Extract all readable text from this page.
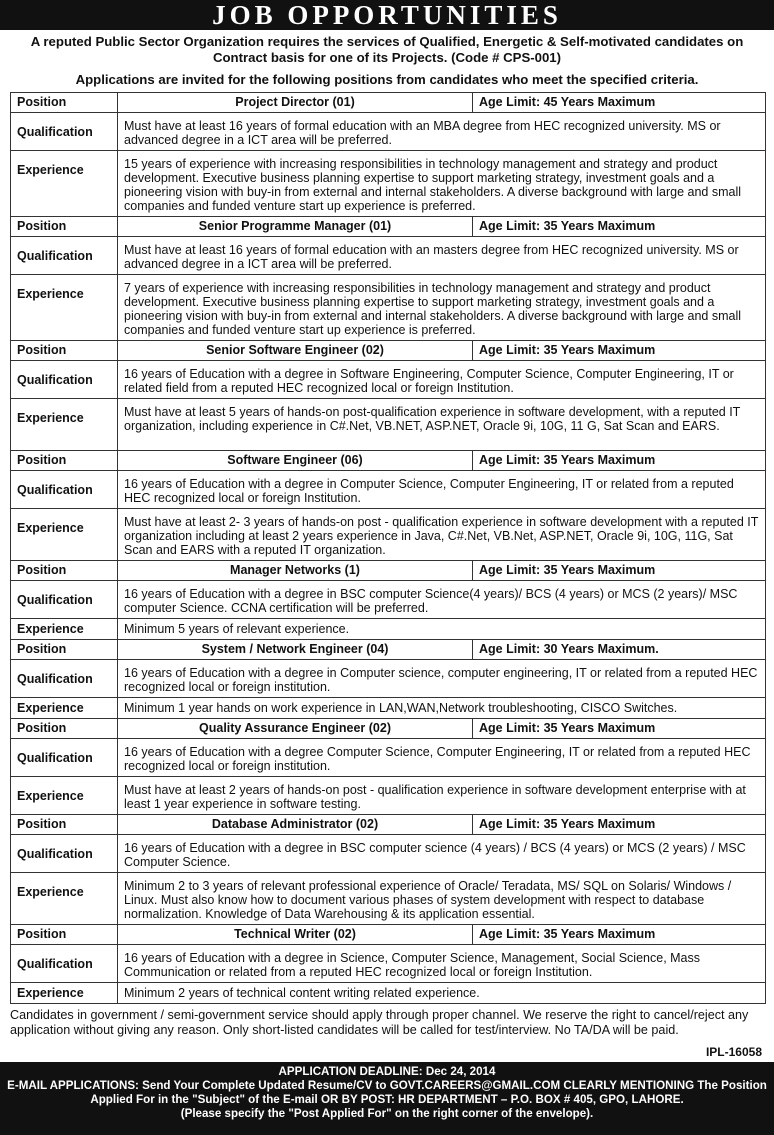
JOB OPPORTUNITIES
A reputed Public Sector Organization requires the services of Qualified, Energetic & Self-motivated candidates on Contract basis for one of its Projects. (Code # CPS-001)
Applications are invited for the following positions from candidates who meet the specified criteria.
Position	Project Director (01)	Age Limit: 45 Years Maximum
Qualification	Must have at least 16 years of formal education with an MBA degree from HEC recognized university. MS or advanced degree in a ICT area will be preferred.	
Experience	15 years of experience with increasing responsibilities in technology management and strategy and product development. Executive business planning expertise to support marketing strategy, investment goals and a pioneering vision with buy-in from external and internal stakeholders. A diverse background with large and small companies and funded venture start up experience is preferred.	
Position	Senior Programme Manager (01)	Age Limit: 35 Years Maximum
Qualification	Must have at least 16 years of formal education with an masters degree from HEC recognized university. MS or advanced degree in a ICT area will be preferred.	
Experience	7 years of experience with increasing responsibilities in technology management and strategy and product development. Executive business planning expertise to support marketing strategy, investment goals and a pioneering vision with buy-in from external and internal stakeholders. A diverse background with large and small companies and funded venture start up experience is preferred.	
Position	Senior Software Engineer (02)	Age Limit: 35 Years Maximum
Qualification	16 years of Education with a degree in Software Engineering, Computer Science, Computer Engineering, IT or related field from a reputed HEC recognized local or foreign Institution.	
Experience	Must have at least 5 years of hands-on post-qualification experience in software development, with a reputed IT organization, including experience in C#.Net, VB.NET, ASP.NET, Oracle 9i, 10G, 11 G, Sat Scan and EARS.	
Position	Software Engineer (06)	Age Limit: 35 Years Maximum
Qualification	16 years of Education with a degree in Computer Science, Computer Engineering, IT or related from a reputed HEC recognized local or foreign Institution.	
Experience	Must have at least 2- 3 years of hands-on post - qualification experience in software development with a reputed IT organization including at least 2 years experience in Java, C#.Net, VB.Net, ASP.NET, Oracle 9i, 10G, 11G, Sat Scan and EARS with a reputed IT organization.	
Position	Manager Networks (1)	Age Limit: 35 Years Maximum
Qualification	16 years of Education with a degree in BSC computer Science(4 years)/ BCS (4 years) or MCS (2 years)/ MSC computer Science. CCNA certification will be preferred.	
Experience	Minimum 5 years of relevant experience.	
Position	System / Network Engineer (04)	Age Limit: 30 Years Maximum.
Qualification	16 years of Education with a degree in Computer science, computer engineering, IT or related from a reputed HEC recognized local or foreign institution.	
Experience	Minimum 1 year hands on work experience in LAN,WAN,Network troubleshooting, CISCO Switches.	
Position	Quality Assurance Engineer (02)	Age Limit: 35 Years Maximum
Qualification	16 years of Education with a degree Computer Science, Computer Engineering, IT or related from a reputed HEC recognized local or foreign institution.	
Experience	Must have at least 2 years of hands-on post - qualification experience in software development enterprise with at least 1 year experience in software testing.	
Position	Database Administrator (02)	Age Limit: 35 Years Maximum
Qualification	16 years of Education with a degree in BSC computer science (4 years) / BCS (4 years) or MCS (2 years) / MSC Computer Science.	
Experience	Minimum 2 to 3 years of relevant professional experience of Oracle/ Teradata, MS/ SQL on Solaris/ Windows / Linux. Must also know how to document various phases of system development with respect to database normalization. Knowledge of Data Warehousing & its application essential.	
Position	Technical Writer (02)	Age Limit: 35 Years Maximum
Qualification	16 years of Education with a degree in Science, Computer Science, Management, Social Science, Mass Communication or related from a reputed HEC recognized local or foreign Institution.	
Experience	Minimum 2 years of technical content writing related experience.	
Candidates in government / semi-government service should apply through proper channel. We reserve the right to cancel/reject any application without giving any reason. Only short-listed candidates will be called for test/interview. No TA/DA will be paid.
IPL-16058
APPLICATION DEADLINE: Dec 24, 2014
E-MAIL APPLICATIONS: Send Your Complete Updated Resume/CV to GOVT.CAREERS@GMAIL.COM CLEARLY MENTIONING The Position Applied For in the "Subject" of the E-mail OR BY POST: HR DEPARTMENT – P.O. BOX # 405, GPO, LAHORE.
(Please specify the "Post Applied For" on the right corner of the envelope).
